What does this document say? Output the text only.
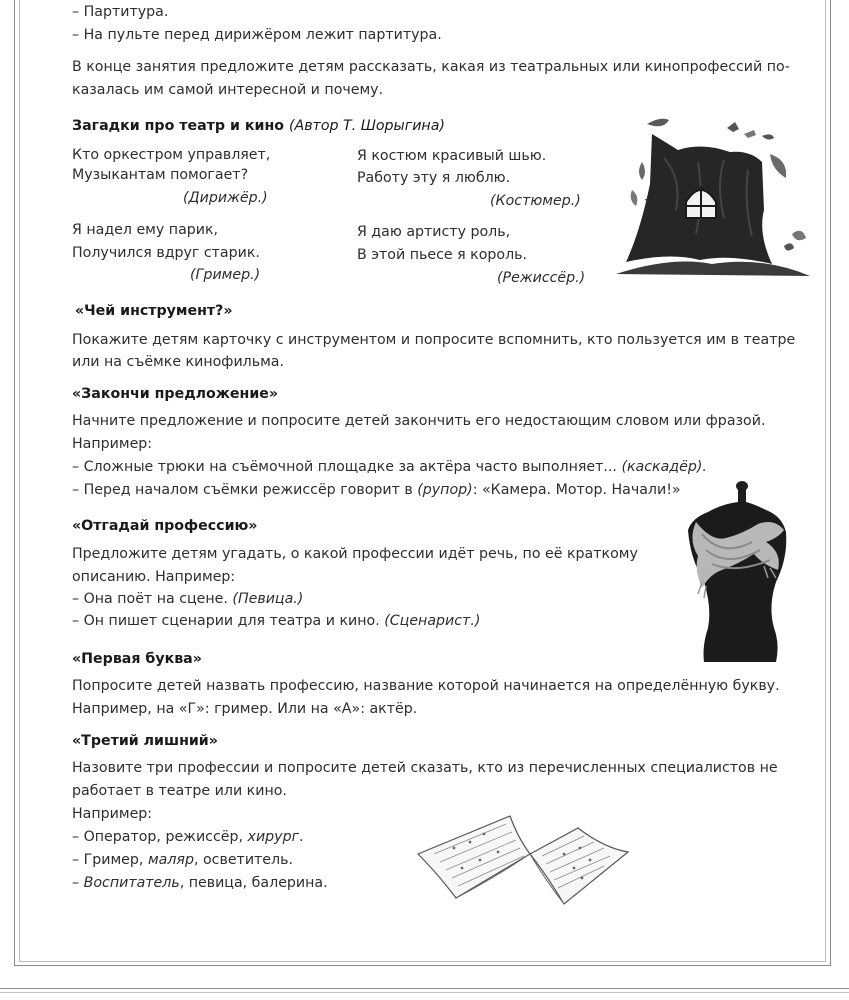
– Партитура.
– На пульте перед дирижёром лежит партитура.
В конце занятия предложите детям рассказать, какая из театральных или кинопрофессий по-
казалась им самой интересной и почему.
Загадки про театр и кино (Автор Т. Шорыгина)
Кто оркестром управляет,
Музыкантам помогает?
(Дирижёр.)
Я костюм красивый шью.
Работу эту я люблю.
(Костюмер.)
Я надел ему парик,
Получился вдруг старик.
(Гример.)
Я даю артисту роль,
В этой пьесе я король.
(Режиссёр.)
«Чей инструмент?»
Покажите детям карточку с инструментом и попросите вспомнить, кто пользуется им в театре
или на съёмке кинофильма.
«Закончи предложение»
Начните предложение и попросите детей закончить его недостающим словом или фразой.
Например:
– Сложные трюки на съёмочной площадке за актёра часто выполняет... (каскадёр).
– Перед началом съёмки режиссёр говорит в (рупор): «Камера. Мотор. Начали!»
«Отгадай профессию»
Предложите детям угадать, о какой профессии идёт речь, по её краткому
описанию. Например:
– Она поёт на сцене. (Певица.)
– Он пишет сценарии для театра и кино. (Сценарист.)
«Первая буква»
Попросите детей назвать профессию, название которой начинается на определённую букву.
Например, на «Г»: гример. Или на «А»: актёр.
«Третий лишний»
Назовите три профессии и попросите детей сказать, кто из перечисленных специалистов не
работает в театре или кино.
Например:
– Оператор, режиссёр, хирург.
– Гример, маляр, осветитель.
– Воспитатель, певица, балерина.
